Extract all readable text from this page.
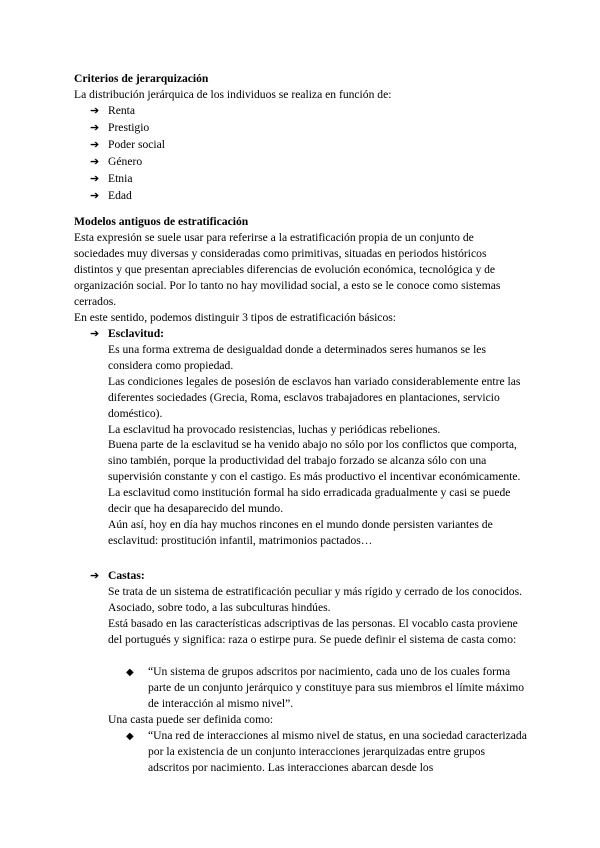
Criterios de jerarquización

La distribución jerárquica de los individuos se realiza en función de:

➔ Renta
➔ Prestigio
➔ Poder social
➔ Género
➔ Etnia
➔ Edad

Modelos antiguos de estratificación

Esta expresión se suele usar para referirse a la estratificación propia de un conjunto de sociedades muy diversas y consideradas como primitivas, situadas en periodos históricos distintos y que presentan apreciables diferencias de evolución económica, tecnológica y de organización social. Por lo tanto no hay movilidad social, a esto se le conoce como sistemas cerrados.

En este sentido, podemos distinguir 3 tipos de estratificación básicos:

➔ Esclavitud:

Es una forma extrema de desigualdad donde a determinados seres humanos se les considera como propiedad.

Las condiciones legales de posesión de esclavos han variado considerablemente entre las diferentes sociedades (Grecia, Roma, esclavos trabajadores en plantaciones, servicio doméstico).

La esclavitud ha provocado resistencias, luchas y periódicas rebeliones.

Buena parte de la esclavitud se ha venido abajo no sólo por los conflictos que comporta, sino también, porque la productividad del trabajo forzado se alcanza sólo con una supervisión constante y con el castigo. Es más productivo el incentivar económicamente.

La esclavitud como institución formal ha sido erradicada gradualmente y casi se puede decir que ha desaparecido del mundo.

Aún así, hoy en día hay muchos rincones en el mundo donde persisten variantes de esclavitud: prostitución infantil, matrimonios pactados…

➔ Castas:

Se trata de un sistema de estratificación peculiar y más rígido y cerrado de los conocidos. Asociado, sobre todo, a las subculturas hindúes.

Está basado en las características adscriptivas de las personas. El vocablo casta proviene del portugués y significa: raza o estirpe pura. Se puede definir el sistema de casta como:

◆	“Un sistema de grupos adscritos por nacimiento, cada uno de los cuales forma parte de un conjunto jerárquico y constituye para sus miembros el límite máximo de interacción al mismo nivel”.

Una casta puede ser definida como:

◆	“Una red de interacciones al mismo nivel de status, en una sociedad caracterizada por la existencia de un conjunto interacciones jerarquizadas entre grupos adscritos por nacimiento. Las interacciones abarcan desde los
